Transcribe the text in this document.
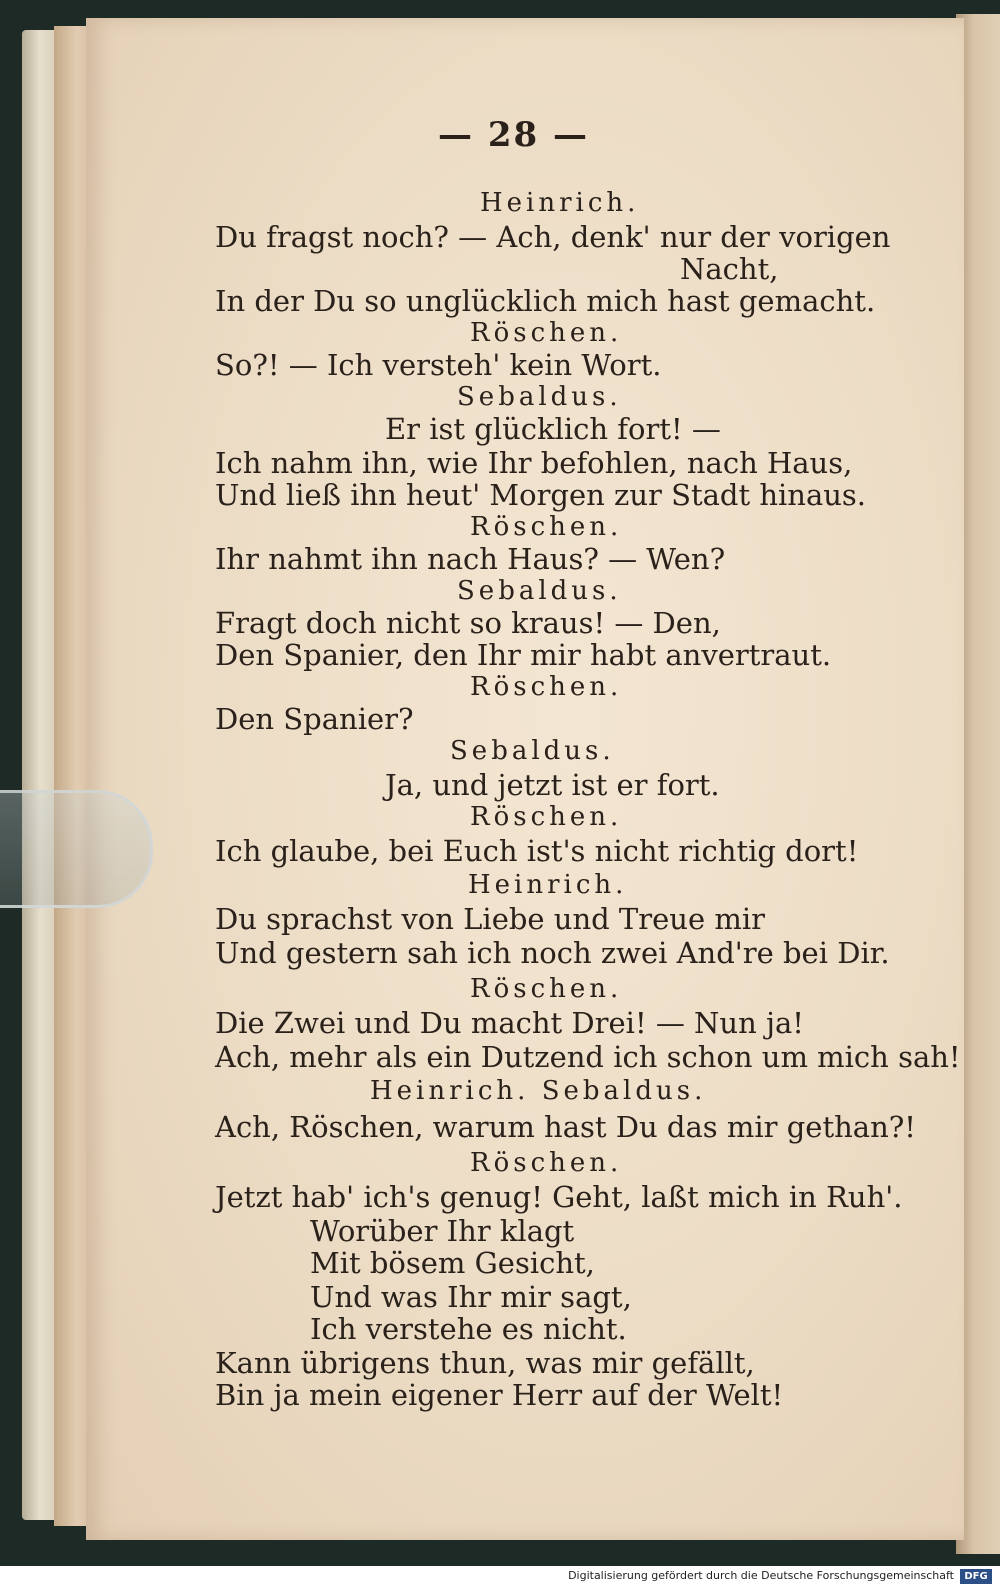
— 28 —
Heinrich.
Du fragst noch? — Ach, denk' nur der vorigen
Nacht,
In der Du so unglücklich mich hast gemacht.
Röschen.
So?! — Ich versteh' kein Wort.
Sebaldus.
Er ist glücklich fort! —
Ich nahm ihn, wie Ihr befohlen, nach Haus,
Und ließ ihn heut' Morgen zur Stadt hinaus.
Röschen.
Ihr nahmt ihn nach Haus? — Wen?
Sebaldus.
Fragt doch nicht so kraus! — Den,
Den Spanier, den Ihr mir habt anvertraut.
Röschen.
Den Spanier?
Sebaldus.
Ja, und jetzt ist er fort.
Röschen.
Ich glaube, bei Euch ist's nicht richtig dort!
Heinrich.
Du sprachst von Liebe und Treue mir
Und gestern sah ich noch zwei And're bei Dir.
Röschen.
Die Zwei und Du macht Drei! — Nun ja!
Ach, mehr als ein Dutzend ich schon um mich sah!
Heinrich. Sebaldus.
Ach, Röschen, warum hast Du das mir gethan?!
Röschen.
Jetzt hab' ich's genug! Geht, laßt mich in Ruh'.
Worüber Ihr klagt
Mit bösem Gesicht,
Und was Ihr mir sagt,
Ich verstehe es nicht.
Kann übrigens thun, was mir gefällt,
Bin ja mein eigener Herr auf der Welt!
Digitalisierung gefördert durch die Deutsche Forschungsgemeinschaft	DFG
